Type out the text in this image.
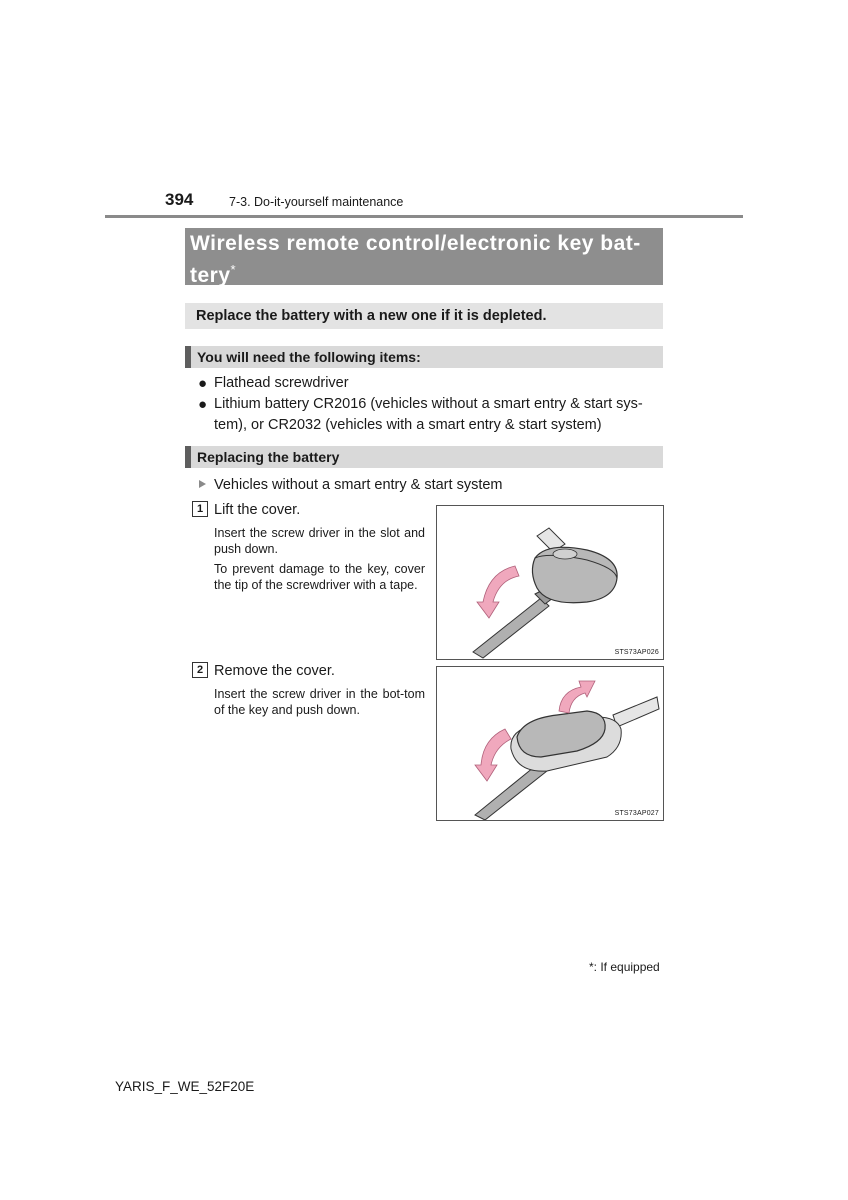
394	7-3. Do-it-yourself maintenance
Wireless remote control/electronic key bat-
tery*
Replace the battery with a new one if it is depleted.
You will need the following items:
● Flathead screwdriver
● Lithium battery CR2016 (vehicles without a smart entry & start sys-
tem), or CR2032 (vehicles with a smart entry & start system)
Replacing the battery
Vehicles without a smart entry & start system
1 Lift the cover.

Insert the screw driver in the slot and push down.

To prevent damage to the key, cover the tip of the screwdriver with a tape.

STS73AP026
2 Remove the cover.

Insert the screw driver in the bot-tom of the key and push down.

STS73AP027
*: If equipped
YARIS_F_WE_52F20E
